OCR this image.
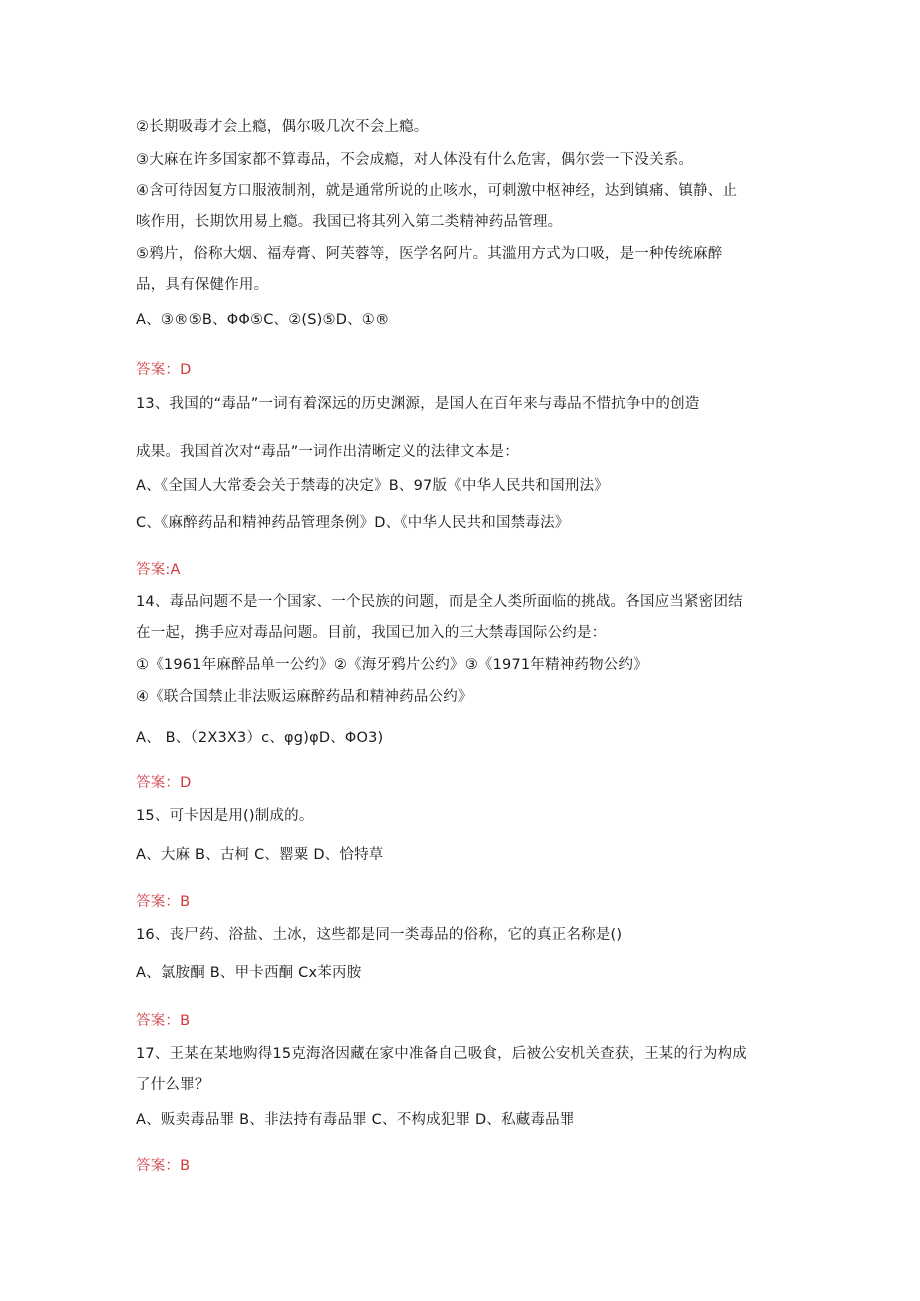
②长期吸毒才会上瘾，偶尔吸几次不会上瘾。
③大麻在许多国家都不算毒品，不会成瘾，对人体没有什么危害，偶尔尝一下没关系。
④含可待因复方口服液制剂，就是通常所说的止咳水，可刺激中枢神经，达到镇痛、镇静、止
咳作用，长期饮用易上瘾。我国已将其列入第二类精神药品管理。
⑤鸦片，俗称大烟、福寿膏、阿芙蓉等，医学名阿片。其滥用方式为口吸，是一种传统麻醉
品，具有保健作用。
A、③®⑤B、ΦΦ⑤C、②(S)⑤D、①®
答案：D
13、我国的“毒品”一词有着深远的历史渊源，是国人在百年来与毒品不惜抗争中的创造
成果。我国首次对“毒品”一词作出清晰定义的法律文本是：
A、《全国人大常委会关于禁毒的决定》B、97版《中华人民共和国刑法》
C、《麻醉药品和精神药品管理条例》D、《中华人民共和国禁毒法》
答案:A
14、毒品问题不是一个国家、一个民族的问题，而是全人类所面临的挑战。各国应当紧密团结
在一起，携手应对毒品问题。目前，我国已加入的三大禁毒国际公约是：
①《1961年麻醉品单一公约》②《海牙鸦片公约》③《1971年精神药物公约》
④《联合国禁止非法贩运麻醉药品和精神药品公约》
A、 B、（2X3X3）c、φg)φD、ΦO3)
答案：D
15、可卡因是用()制成的。
A、大麻 B、古柯 C、罂粟 D、恰特草
答案：B
16、丧尸药、浴盐、土冰，这些都是同一类毒品的俗称，它的真正名称是()
A、氯胺酮 B、甲卡西酮 Cx苯丙胺
答案：B
17、王某在某地购得15克海洛因藏在家中准备自己吸食，后被公安机关查获，王某的行为构成
了什么罪？
A、贩卖毒品罪 B、非法持有毒品罪 C、不构成犯罪 D、私藏毒品罪
答案：B
